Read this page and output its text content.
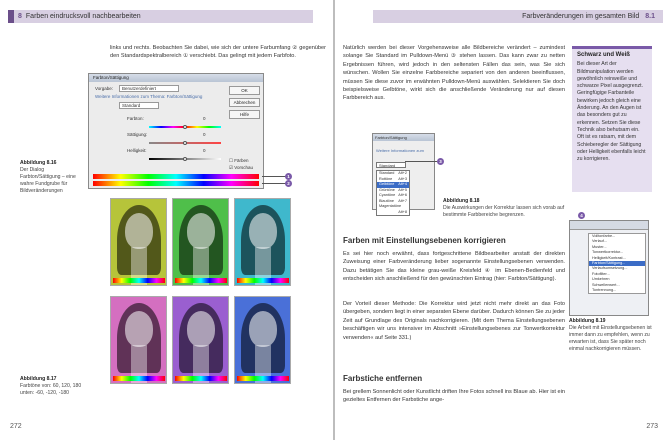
8 Farben eindrucksvoll nachbearbeiten
links und rechts. Beobachten Sie dabei, wie sich der untere Farbumfang ② gegenüber den Standardspektralbereich ① verschiebt. Das gelingt mit jedem Farbfoto.
Farbton/Sättigung
Vorgabe:	Benutzerdefiniert
Weitere Informationen zum Thema: Farbton/Sättigung
Standard
Farbton:	0
Sättigung:	0
Helligkeit:	0
OK
Abbrechen
Hilfe
☐ Färben
☑ Vorschau
1
2
Abbildung 8.16
Der Dialog Farbton/Sättigung – eine wahre Fundgrube für Bildveränderungen
Abbildung 8.17
Farbtöne von: 60, 120, 180 unten: -60, -120, -180
272
Farbveränderungen im gesamten Bild 8.1
Natürlich werden bei dieser Vorgehensweise alle Bildbereiche verändert – zumindest solange Sie Standard im Pulldown-Menü ③ stehen lassen. Das kann zwar zu netten Ergebnissen führen, wird jedoch in den seltensten Fällen das sein, was Sie sich wünschen. Wollen Sie einzelne Farbbereiche separiert von den anderen beeinflussen, müssen Sie diese zuvor im erwähnten Pulldown-Menü auswählen. Selektieren Sie doch beispielsweise Gelbtöne, wirkt sich die anschließende Veränderung nur auf diesen Farbbereich aus.
Schwarz und Weiß
Bei dieser Art der Bildmanipulation werden gewöhnlich reinweiße und schwarze Pixel ausgegrenzt. Geringfügige Farbanteile bewirken jedoch gleich eine Änderung. An den Augen ist das besonders gut zu erkennen. Setzen Sie diese Technik also behutsam ein. Oft ist es ratsam, mit dem Schieberegler der Sättigung oder Helligkeit ebenfalls leicht zu korrigieren.
Farbton/Sättigung
Weitere Informationen zum
Standard
Standard Alt+2
Rottöne Alt+3
Gelbtöne Alt+4
Grüntöne Alt+5
Cyantöne Alt+6
Blautöne Alt+7
Magentatöne
Alt+8
3
Abbildung 8.18
Die Auswirkungen der Korrektur lassen sich vorab auf bestimmte Farbbereiche begrenzen.
Farben mit Einstellungsebenen korrigieren
Es sei hier noch erwähnt, dass fortgeschrittene Bildbearbeiter anstatt der direkten Zuweisung einer Farbveränderung lieber sogenannte Einstellungsebenen verwenden. Dazu betätigen Sie das kleine grau-weiße Kreisfeld ④ im Ebenen-Bedienfeld und entscheiden sich anschließend für den gewünschten Eintrag (hier: Farbton/Sättigung).
Der Vorteil dieser Methode: Die Korrektur wird jetzt nicht mehr direkt an das Foto übergeben, sondern liegt in einer separaten Ebene darüber. Dadurch können Sie zu jeder Zeit auf Grundlage des Originals nachkorrigieren. (Mit dem Thema Einstellungsebenen beschäftigen wir uns intensiver im Abschnitt »Einstellungsebenes zur Tonwertkorrektur verwenden« auf Seite 331.)
4
Volltonfarbe...
Verlauf...
Muster...
Tonwertkorrektur...
Helligkeit/Kontrast...
Farbton/Sättigung...
Verlaufsumsetzung...
Fotofilter...
Umkehren
Schwellenwert...
Tontrennung...
Abbildung 8.19
Die Arbeit mit Einstellungsebenen ist immer dann zu empfehlen, wenn zu erwarten ist, dass Sie später noch einmal nachkorrigieren müssen.
Farbstiche entfernen
Bei grellem Sonnenlicht oder Kunstlicht driften Ihre Fotos schnell ins Blaue ab. Hier ist ein gezieltes Entfernen der Farbstiche ange-
273
